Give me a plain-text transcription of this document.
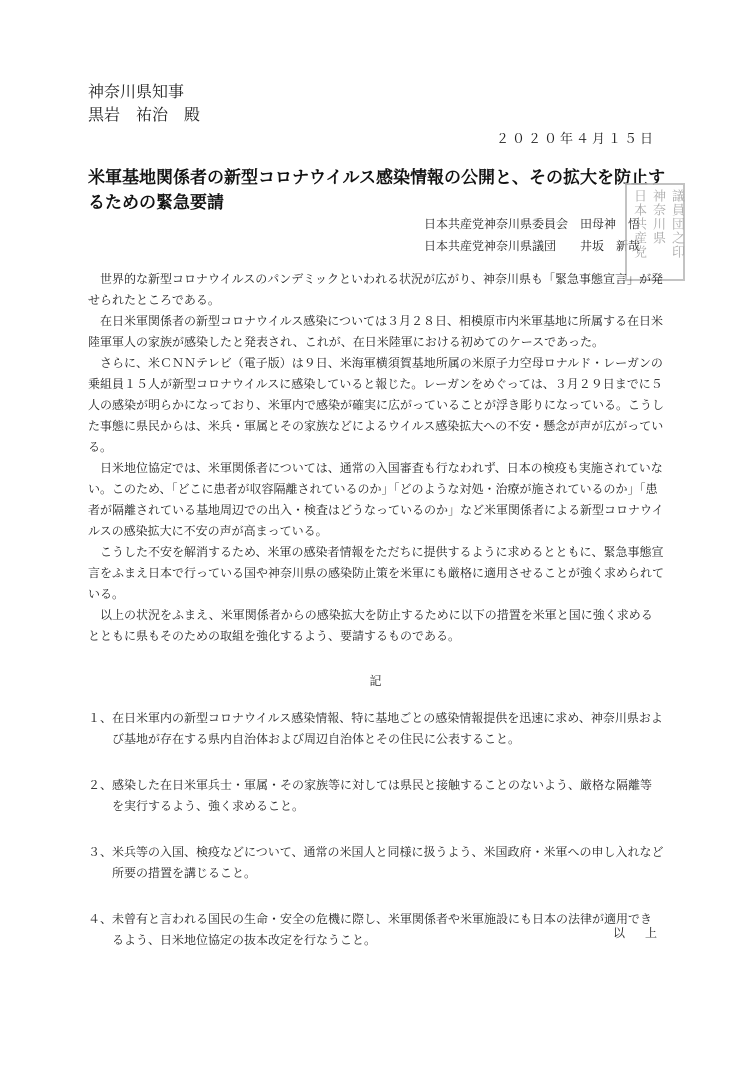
神奈川県知事
黒岩　祐治　殿
２０２０年４月１５日
米軍基地関係者の新型コロナウイルス感染情報の公開と、その拡大を防止するための緊急要請
日本共産党神奈川県委員会　田母神　悟
日本共産党神奈川県議団　　井坂　新哉
日本共産党 神奈川県 議員団之印

世界的な新型コロナウイルスのパンデミックといわれる状況が広がり、神奈川県も「緊急事態宣言」が発せられたところである。

在日米軍関係者の新型コロナウイルス感染については３月２８日、相模原市内米軍基地に所属する在日米陸軍軍人の家族が感染したと発表され、これが、在日米陸軍における初めてのケースであった。

さらに、米ＣＮＮテレビ（電子版）は９日、米海軍横須賀基地所属の米原子力空母ロナルド・レーガンの乗組員１５人が新型コロナウイルスに感染していると報じた。レーガンをめぐっては、３月２９日までに５人の感染が明らかになっており、米軍内で感染が確実に広がっていることが浮き彫りになっている。こうした事態に県民からは、米兵・軍属とその家族などによるウイルス感染拡大への不安・懸念が声が広がっている。

日米地位協定では、米軍関係者については、通常の入国審査も行なわれず、日本の検疫も実施されていない。このため、「どこに患者が収容隔離されているのか」「どのような対処・治療が施されているのか」「患者が隔離されている基地周辺での出入・検査はどうなっているのか」など米軍関係者による新型コロナウイルスの感染拡大に不安の声が高まっている。

こうした不安を解消するため、米軍の感染者情報をただちに提供するように求めるとともに、緊急事態宣言をふまえ日本で行っている国や神奈川県の感染防止策を米軍にも厳格に適用させることが強く求められている。

以上の状況をふまえ、米軍関係者からの感染拡大を防止するために以下の措置を米軍と国に強く求めるとともに県もそのための取組を強化するよう、要請するものである。

記
１、 在日米軍内の新型コロナウイルス感染情報、特に基地ごとの感染情報提供を迅速に求め、神奈川県および基地が存在する県内自治体および周辺自治体とその住民に公表すること。
２、 感染した在日米軍兵士・軍属・その家族等に対しては県民と接触することのないよう、厳格な隔離等を実行するよう、強く求めること。
３、 米兵等の入国、検疫などについて、通常の米国人と同様に扱うよう、米国政府・米軍への申し入れなど所要の措置を講じること。
４、 未曾有と言われる国民の生命・安全の危機に際し、米軍関係者や米軍施設にも日本の法律が適用できるよう、日米地位協定の抜本改定を行なうこと。	以　上
